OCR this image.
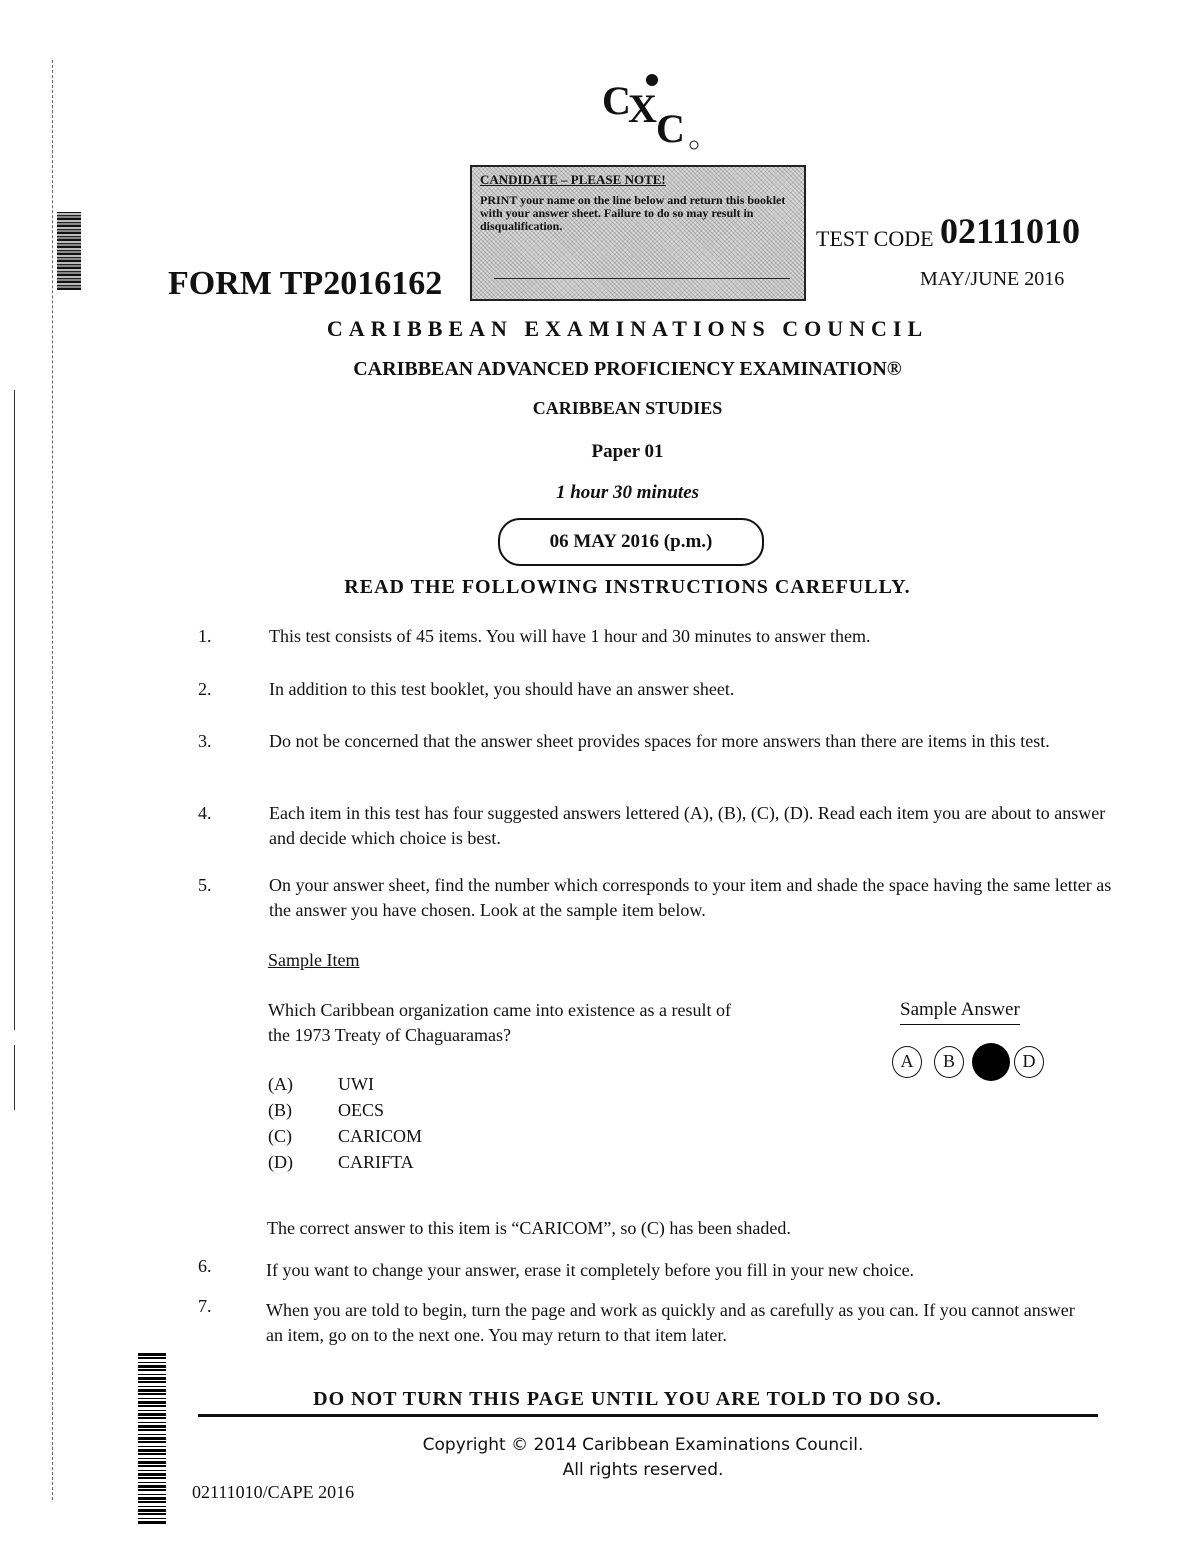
C
X C
CANDIDATE – PLEASE NOTE!
PRINT your name on the line below and return this booklet with your answer sheet. Failure to do so may result in disqualification.
FORM TP2016162
TEST CODE 02111010
MAY/JUNE 2016
CARIBBEAN EXAMINATIONS COUNCIL
CARIBBEAN ADVANCED PROFICIENCY EXAMINATION®
CARIBBEAN STUDIES
Paper 01
1 hour 30 minutes
06 MAY 2016 (p.m.)
READ THE FOLLOWING INSTRUCTIONS CAREFULLY.
1.	This test consists of 45 items. You will have 1 hour and 30 minutes to answer them.
2.	In addition to this test booklet, you should have an answer sheet.
3.	Do not be concerned that the answer sheet provides spaces for more answers than there are items in this test.
4.	Each item in this test has four suggested answers lettered (A), (B), (C), (D). Read each item you are about to answer and decide which choice is best.
5.	On your answer sheet, find the number which corresponds to your item and shade the space having the same letter as the answer you have chosen. Look at the sample item below.
Sample Item
Which Caribbean organization came into existence as a result of the 1973 Treaty of Chaguaramas?
(A)	UWI
(B)	OECS
(C)	CARICOM
(D)	CARIFTA
Sample Answer
A	B	C	D
The correct answer to this item is “CARICOM”, so (C) has been shaded.
6.	If you want to change your answer, erase it completely before you fill in your new choice.
7.	When you are told to begin, turn the page and work as quickly and as carefully as you can. If you cannot answer an item, go on to the next one. You may return to that item later.
DO NOT TURN THIS PAGE UNTIL YOU ARE TOLD TO DO SO.
Copyright © 2014 Caribbean Examinations Council.
All rights reserved.
02111010/CAPE 2016
